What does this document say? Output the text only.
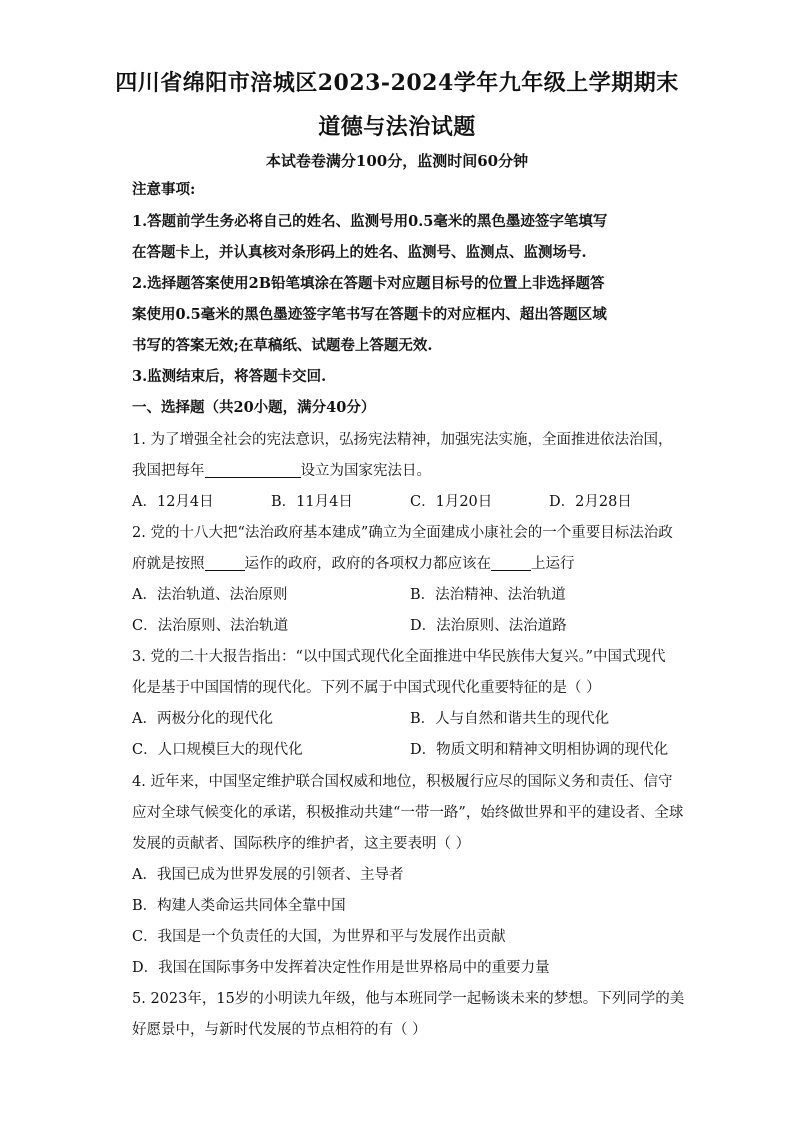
四川省绵阳市涪城区2023-2024学年九年级上学期期末
道德与法治试题
本试卷卷满分100分，监测时间60分钟
注意事项:
1.答题前学生务必将自己的姓名、监测号用0.5毫米的黑色墨迹签字笔填写
在答题卡上，并认真核对条形码上的姓名、监测号、监测点、监测场号.
2.选择题答案使用2B铅笔填涂在答题卡对应题目标号的位置上非选择题答
案使用0.5毫米的黑色墨迹签字笔书写在答题卡的对应框内、超出答题区域
书写的答案无效;在草稿纸、试题卷上答题无效.
3.监测结束后，将答题卡交回.
一、选择题（共20小题，满分40分）
1. 为了增强全社会的宪法意识，弘扬宪法精神，加强宪法实施，全面推进依法治国，
我国把每年	设立为国家宪法日。
A．12月4日	B．11月4日	C．1月20日	D．2月28日
2. 党的十八大把“法治政府基本建成”确立为全面建成小康社会的一个重要目标法治政
府就是按照	运作的政府，政府的各项权力都应该在	上运行
A．法治轨道、法治原则	B．法治精神、法治轨道
C．法治原则、法治轨道	D．法治原则、法治道路
3. 党的二十大报告指出：“以中国式现代化全面推进中华民族伟大复兴。”中国式现代
化是基于中国国情的现代化。下列不属于中国式现代化重要特征的是（ ）
A．两极分化的现代化	B．人与自然和谐共生的现代化
C．人口规模巨大的现代化	D．物质文明和精神文明相协调的现代化
4. 近年来，中国坚定维护联合国权威和地位，积极履行应尽的国际义务和责任、信守
应对全球气候变化的承诺，积极推动共建“一带一路”，始终做世界和平的建设者、全球
发展的贡献者、国际秩序的维护者，这主要表明（ ）
A．我国已成为世界发展的引领者、主导者
B．构建人类命运共同体全靠中国
C．我国是一个负责任的大国，为世界和平与发展作出贡献
D．我国在国际事务中发挥着决定性作用是世界格局中的重要力量
5. 2023年，15岁的小明读九年级，他与本班同学一起畅谈未来的梦想。下列同学的美
好愿景中，与新时代发展的节点相符的有（ ）
